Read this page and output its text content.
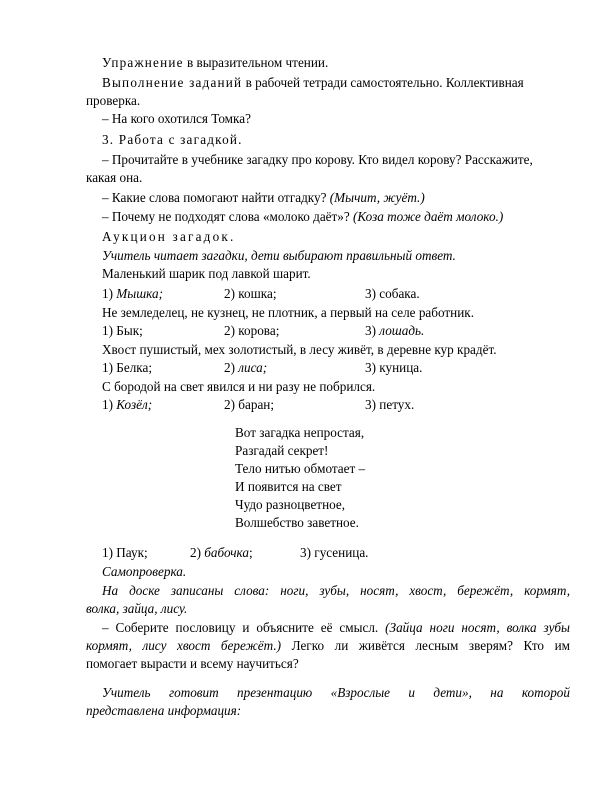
Упражнение в выразительном чтении.
Выполнение заданий в рабочей тетради самостоятельно. Коллективная
проверка.
– На кого охотился Томка?
3. Работа с загадкой.
– Прочитайте в учебнике загадку про корову. Кто видел корову? Расскажите,
какая она.
– Какие слова помогают найти отгадку? (Мычит, жуёт.)
– Почему не подходят слова «молоко даёт»? (Коза тоже даёт молоко.)
Аукцион загадок.
Учитель читает загадки, дети выбирают правильный ответ.
Маленький шарик под лавкой шарит.
1) Мышка;	2) кошка;	3) собака.
Не земледелец, не кузнец, не плотник, а первый на селе работник.
1) Бык;	2) корова;	3) лошадь.
Хвост пушистый, мех золотистый, в лесу живёт, в деревне кур крадёт.
1) Белка;	2) лиса;	3) куница.
С бородой на свет явился и ни разу не побрился.
1) Козёл;	2) баран;	3) петух.
Вот загадка непростая,
Разгадай секрет!
Тело нитью обмотает –
И появится на свет
Чудо разноцветное,
Волшебство заветное.
1) Паук;	2) бабочка;	3) гусеница.
Самопроверка.
На доске записаны слова: ноги, зубы, носят, хвост, бережёт, кормят,
волка, зайца, лису.
– Соберите пословицу и объясните её смысл. (Зайца ноги носят, волка зубы
кормят, лису хвост бережёт.) Легко ли живётся лесным зверям? Кто им
помогает вырасти и всему научиться?
Учитель готовит презентацию «Взрослые и дети», на которой
представлена информация:
